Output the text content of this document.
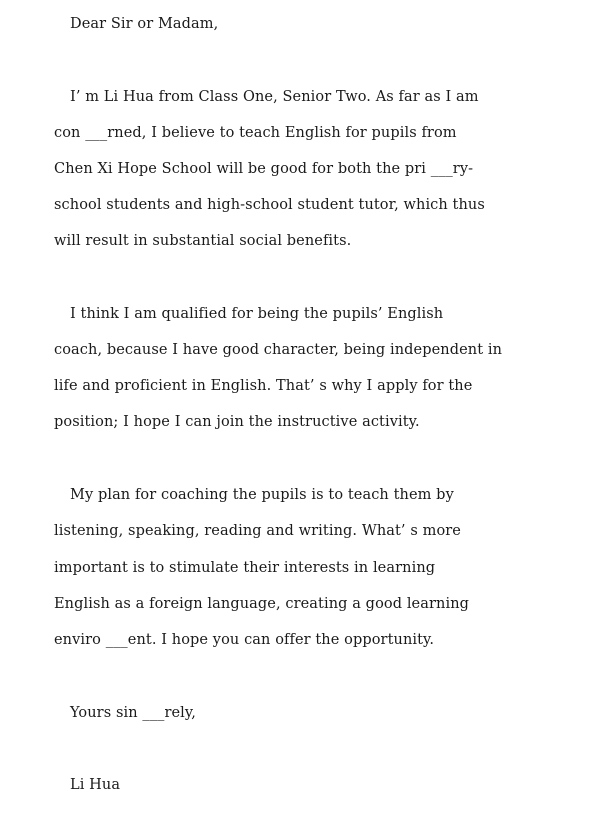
Dear Sir or Madam,
I’ m Li Hua from Class One, Senior Two. As far as I am
con ___rned, I believe to teach English for pupils from
Chen Xi Hope School will be good for both the pri ___ry-
school students and high-school student tutor, which thus
will result in substantial social benefits.
I think I am qualified for being the pupils’ English
coach, because I have good character, being independent in
life and proficient in English. That’ s why I apply for the
position; I hope I can join the instructive activity.
My plan for coaching the pupils is to teach them by
listening, speaking, reading and writing. What’ s more
important is to stimulate their interests in learning
English as a foreign language, creating a good learning
enviro ___ent. I hope you can offer the opportunity.
Yours sin ___rely,
Li Hua
